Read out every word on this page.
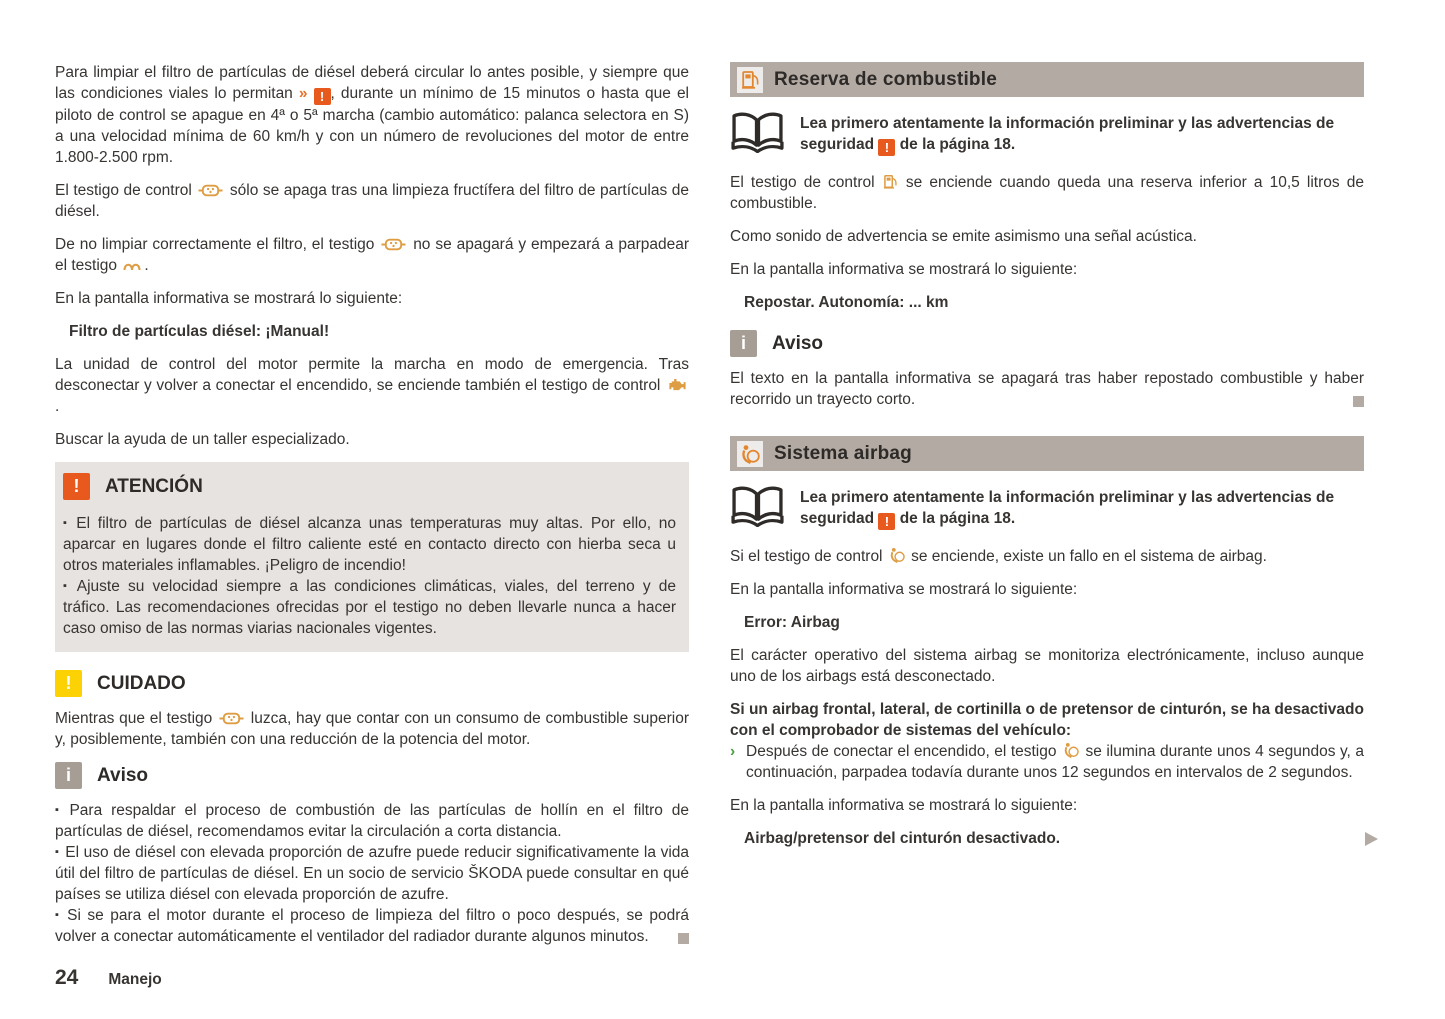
Para limpiar el filtro de partículas de diésel deberá circular lo antes posible, y siempre que las condiciones viales lo permitan » ! , durante un mínimo de 15 minutos o hasta que el piloto de control se apague en 4ª o 5ª marcha (cambio automático: palanca selectora en S) a una velocidad mínima de 60 km/h y con un número de revoluciones del motor de entre 1.800-2.500 rpm.

El testigo de control
sólo se apaga tras una limpieza fructífera del filtro de partículas de diésel.

De no limpiar correctamente el filtro, el testigo
no se apagará y empezará a parpadear el testigo
.

En la pantalla informativa se mostrará lo siguiente:

Filtro de partículas diésel: ¡Manual!

La unidad de control del motor permite la marcha en modo de emergencia. Tras desconectar y volver a conectar el encendido, se enciende también el testigo de control
.

Buscar la ayuda de un taller especializado.

!	ATENCIÓN

▪ El filtro de partículas de diésel alcanza unas temperaturas muy altas. Por ello, no aparcar en lugares donde el filtro caliente esté en contacto directo con hierba seca u otros materiales inflamables. ¡Peligro de incendio!

▪ Ajuste su velocidad siempre a las condiciones climáticas, viales, del terreno y de tráfico. Las recomendaciones ofrecidas por el testigo no deben llevarle nunca a hacer caso omiso de las normas viarias nacionales vigentes.

!	CUIDADO

Mientras que el testigo
luzca, hay que contar con un consumo de combustible superior y, posiblemente, también con una reducción de la potencia del motor.

i	Aviso

▪ Para respaldar el proceso de combustión de las partículas de hollín en el filtro de partículas de diésel, recomendamos evitar la circulación a corta distancia.

▪ El uso de diésel con elevada proporción de azufre puede reducir significativamente la vida útil del filtro de partículas de diésel. En un socio de servicio ŠKODA puede consultar en qué países se utiliza diésel con elevada proporción de azufre.

▪ Si se para el motor durante el proceso de limpieza del filtro o poco después, se podrá volver a conectar automáticamente el ventilador del radiador durante algunos minutos.

Reserva de combustible
Lea primero atentamente la información preliminar y las advertencias de seguridad ! de la página 18.

El testigo de control
se enciende cuando queda una reserva inferior a 10,5 litros de combustible.

Como sonido de advertencia se emite asimismo una señal acústica.

En la pantalla informativa se mostrará lo siguiente:

Repostar. Autonomía: ... km
i	Aviso

El texto en la pantalla informativa se apagará tras haber repostado combustible y haber recorrido un trayecto corto.

Sistema airbag
Lea primero atentamente la información preliminar y las advertencias de seguridad ! de la página 18.

Si el testigo de control
se enciende, existe un fallo en el sistema de airbag.

En la pantalla informativa se mostrará lo siguiente:

Error: Airbag

El carácter operativo del sistema airbag se monitoriza electrónicamente, incluso aunque uno de los airbags está desconectado.

Si un airbag frontal, lateral, de cortinilla o de pretensor de cinturón, se ha desactivado con el comprobador de sistemas del vehículo:

› Después de conectar el encendido, el testigo
se ilumina durante unos 4 segundos y, a continuación, parpadea todavía durante unos 12 segundos en intervalos de 2 segundos.

En la pantalla informativa se mostrará lo siguiente:

Airbag/pretensor del cinturón desactivado.
24 Manejo
